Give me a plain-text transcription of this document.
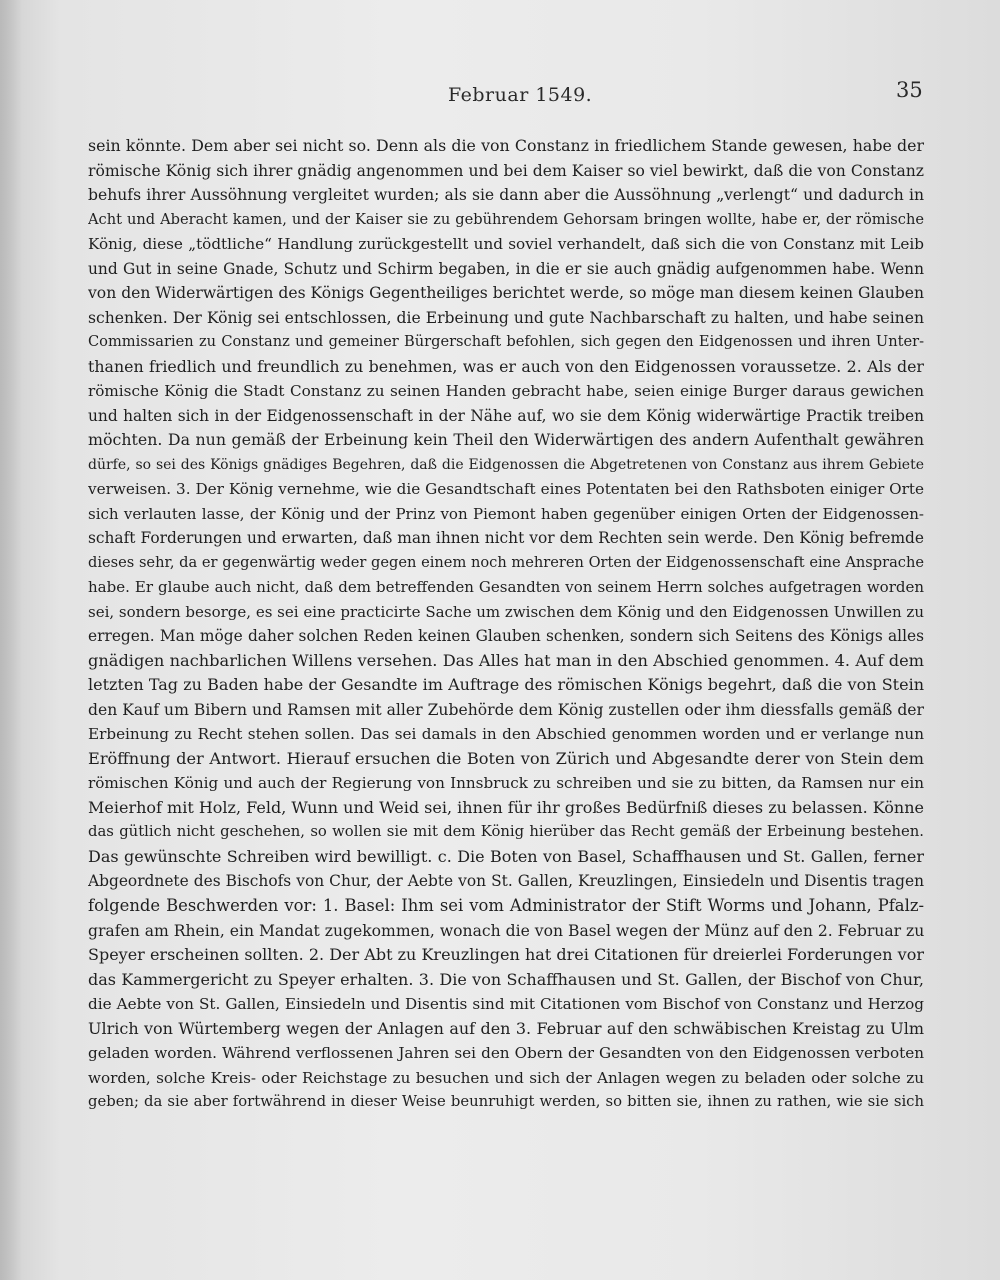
Februar 1549.	35
sein könnte. Dem aber sei nicht so. Denn als die von Constanz in friedlichem Stande gewesen, habe der
römische König sich ihrer gnädig angenommen und bei dem Kaiser so viel bewirkt, daß die von Constanz
behufs ihrer Aussöhnung vergleitet wurden; als sie dann aber die Aussöhnung „verlengt“ und dadurch in
Acht und Aberacht kamen, und der Kaiser sie zu gebührendem Gehorsam bringen wollte, habe er, der römische
König, diese „tödtliche“ Handlung zurückgestellt und soviel verhandelt, daß sich die von Constanz mit Leib
und Gut in seine Gnade, Schutz und Schirm begaben, in die er sie auch gnädig aufgenommen habe. Wenn
von den Widerwärtigen des Königs Gegentheiliges berichtet werde, so möge man diesem keinen Glauben
schenken. Der König sei entschlossen, die Erbeinung und gute Nachbarschaft zu halten, und habe seinen
Commissarien zu Constanz und gemeiner Bürgerschaft befohlen, sich gegen den Eidgenossen und ihren Unter-
thanen friedlich und freundlich zu benehmen, was er auch von den Eidgenossen voraussetze. 2. Als der
römische König die Stadt Constanz zu seinen Handen gebracht habe, seien einige Burger daraus gewichen
und halten sich in der Eidgenossenschaft in der Nähe auf, wo sie dem König widerwärtige Practik treiben
möchten. Da nun gemäß der Erbeinung kein Theil den Widerwärtigen des andern Aufenthalt gewähren
dürfe, so sei des Königs gnädiges Begehren, daß die Eidgenossen die Abgetretenen von Constanz aus ihrem Gebiete
verweisen. 3. Der König vernehme, wie die Gesandtschaft eines Potentaten bei den Rathsboten einiger Orte
sich verlauten lasse, der König und der Prinz von Piemont haben gegenüber einigen Orten der Eidgenossen-
schaft Forderungen und erwarten, daß man ihnen nicht vor dem Rechten sein werde. Den König befremde
dieses sehr, da er gegenwärtig weder gegen einem noch mehreren Orten der Eidgenossenschaft eine Ansprache
habe. Er glaube auch nicht, daß dem betreffenden Gesandten von seinem Herrn solches aufgetragen worden
sei, sondern besorge, es sei eine practicirte Sache um zwischen dem König und den Eidgenossen Unwillen zu
erregen. Man möge daher solchen Reden keinen Glauben schenken, sondern sich Seitens des Königs alles
gnädigen nachbarlichen Willens versehen. Das Alles hat man in den Abschied genommen. 4. Auf dem
letzten Tag zu Baden habe der Gesandte im Auftrage des römischen Königs begehrt, daß die von Stein
den Kauf um Bibern und Ramsen mit aller Zubehörde dem König zustellen oder ihm diessfalls gemäß der
Erbeinung zu Recht stehen sollen. Das sei damals in den Abschied genommen worden und er verlange nun
Eröffnung der Antwort. Hierauf ersuchen die Boten von Zürich und Abgesandte derer von Stein dem
römischen König und auch der Regierung von Innsbruck zu schreiben und sie zu bitten, da Ramsen nur ein
Meierhof mit Holz, Feld, Wunn und Weid sei, ihnen für ihr großes Bedürfniß dieses zu belassen. Könne
das gütlich nicht geschehen, so wollen sie mit dem König hierüber das Recht gemäß der Erbeinung bestehen.
Das gewünschte Schreiben wird bewilligt. c. Die Boten von Basel, Schaffhausen und St. Gallen, ferner
Abgeordnete des Bischofs von Chur, der Aebte von St. Gallen, Kreuzlingen, Einsiedeln und Disentis tragen
folgende Beschwerden vor: 1. Basel: Ihm sei vom Administrator der Stift Worms und Johann, Pfalz-
grafen am Rhein, ein Mandat zugekommen, wonach die von Basel wegen der Münz auf den 2. Februar zu
Speyer erscheinen sollten. 2. Der Abt zu Kreuzlingen hat drei Citationen für dreierlei Forderungen vor
das Kammergericht zu Speyer erhalten. 3. Die von Schaffhausen und St. Gallen, der Bischof von Chur,
die Aebte von St. Gallen, Einsiedeln und Disentis sind mit Citationen vom Bischof von Constanz und Herzog
Ulrich von Würtemberg wegen der Anlagen auf den 3. Februar auf den schwäbischen Kreistag zu Ulm
geladen worden. Während verflossenen Jahren sei den Obern der Gesandten von den Eidgenossen verboten
worden, solche Kreis- oder Reichstage zu besuchen und sich der Anlagen wegen zu beladen oder solche zu
geben; da sie aber fortwährend in dieser Weise beunruhigt werden, so bitten sie, ihnen zu rathen, wie sie sich
